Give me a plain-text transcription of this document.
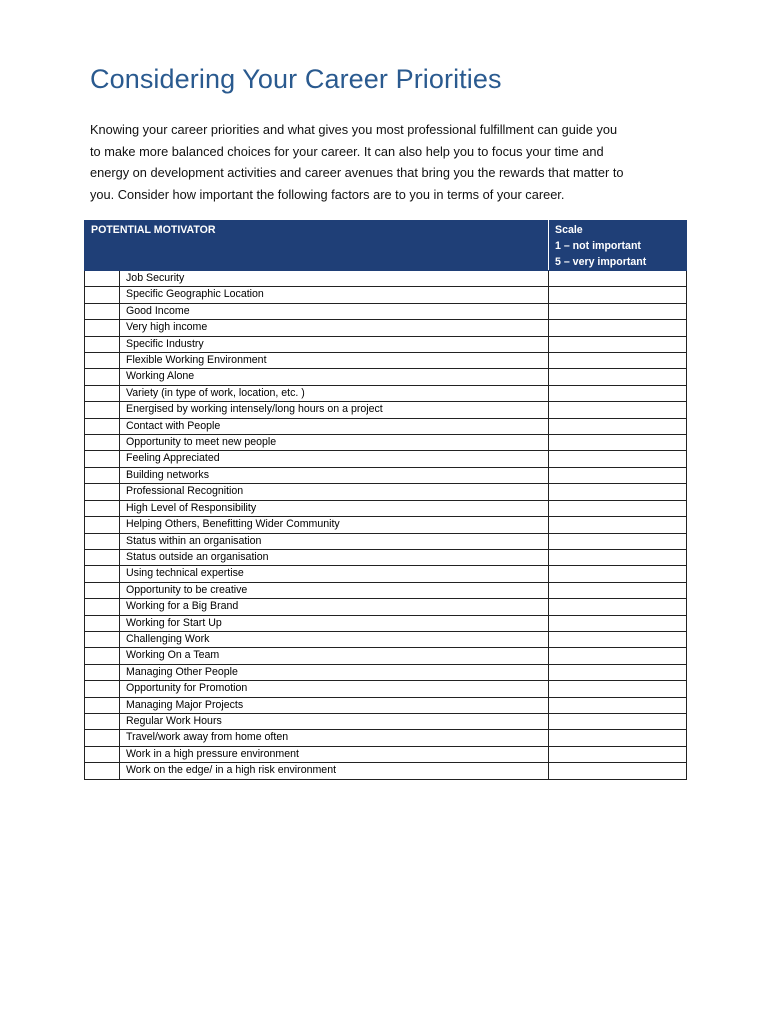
Considering Your Career Priorities

Knowing your career priorities and what gives you most professional fulfillment can guide you
to make more balanced choices for your career. It can also help you to focus your time and
energy on development activities and career avenues that bring you the rewards that matter to
you. Consider how important the following factors are to you in terms of your career.

POTENTIAL MOTIVATOR		Scale
1 – not important
5 – very important

	Job Security	
	Specific Geographic Location	
	Good Income	
	Very high income	
	Specific Industry	
	Flexible Working Environment	
	Working Alone	
	Variety (in type of work, location, etc. )	
	Energised by working intensely/long hours on a project	
	Contact with People	
	Opportunity to meet new people	
	Feeling Appreciated	
	Building networks	
	Professional Recognition	
	High Level of Responsibility	
	Helping Others, Benefitting Wider Community	
	Status within an organisation	
	Status outside an organisation	
	Using technical expertise	
	Opportunity to be creative	
	Working for a Big Brand	
	Working for Start Up	
	Challenging Work	
	Working On a Team	
	Managing Other People	
	Opportunity for Promotion	
	Managing Major Projects	
	Regular Work Hours	
	Travel/work away from home often	
	Work in a high pressure environment	
	Work on the edge/ in a high risk environment	
